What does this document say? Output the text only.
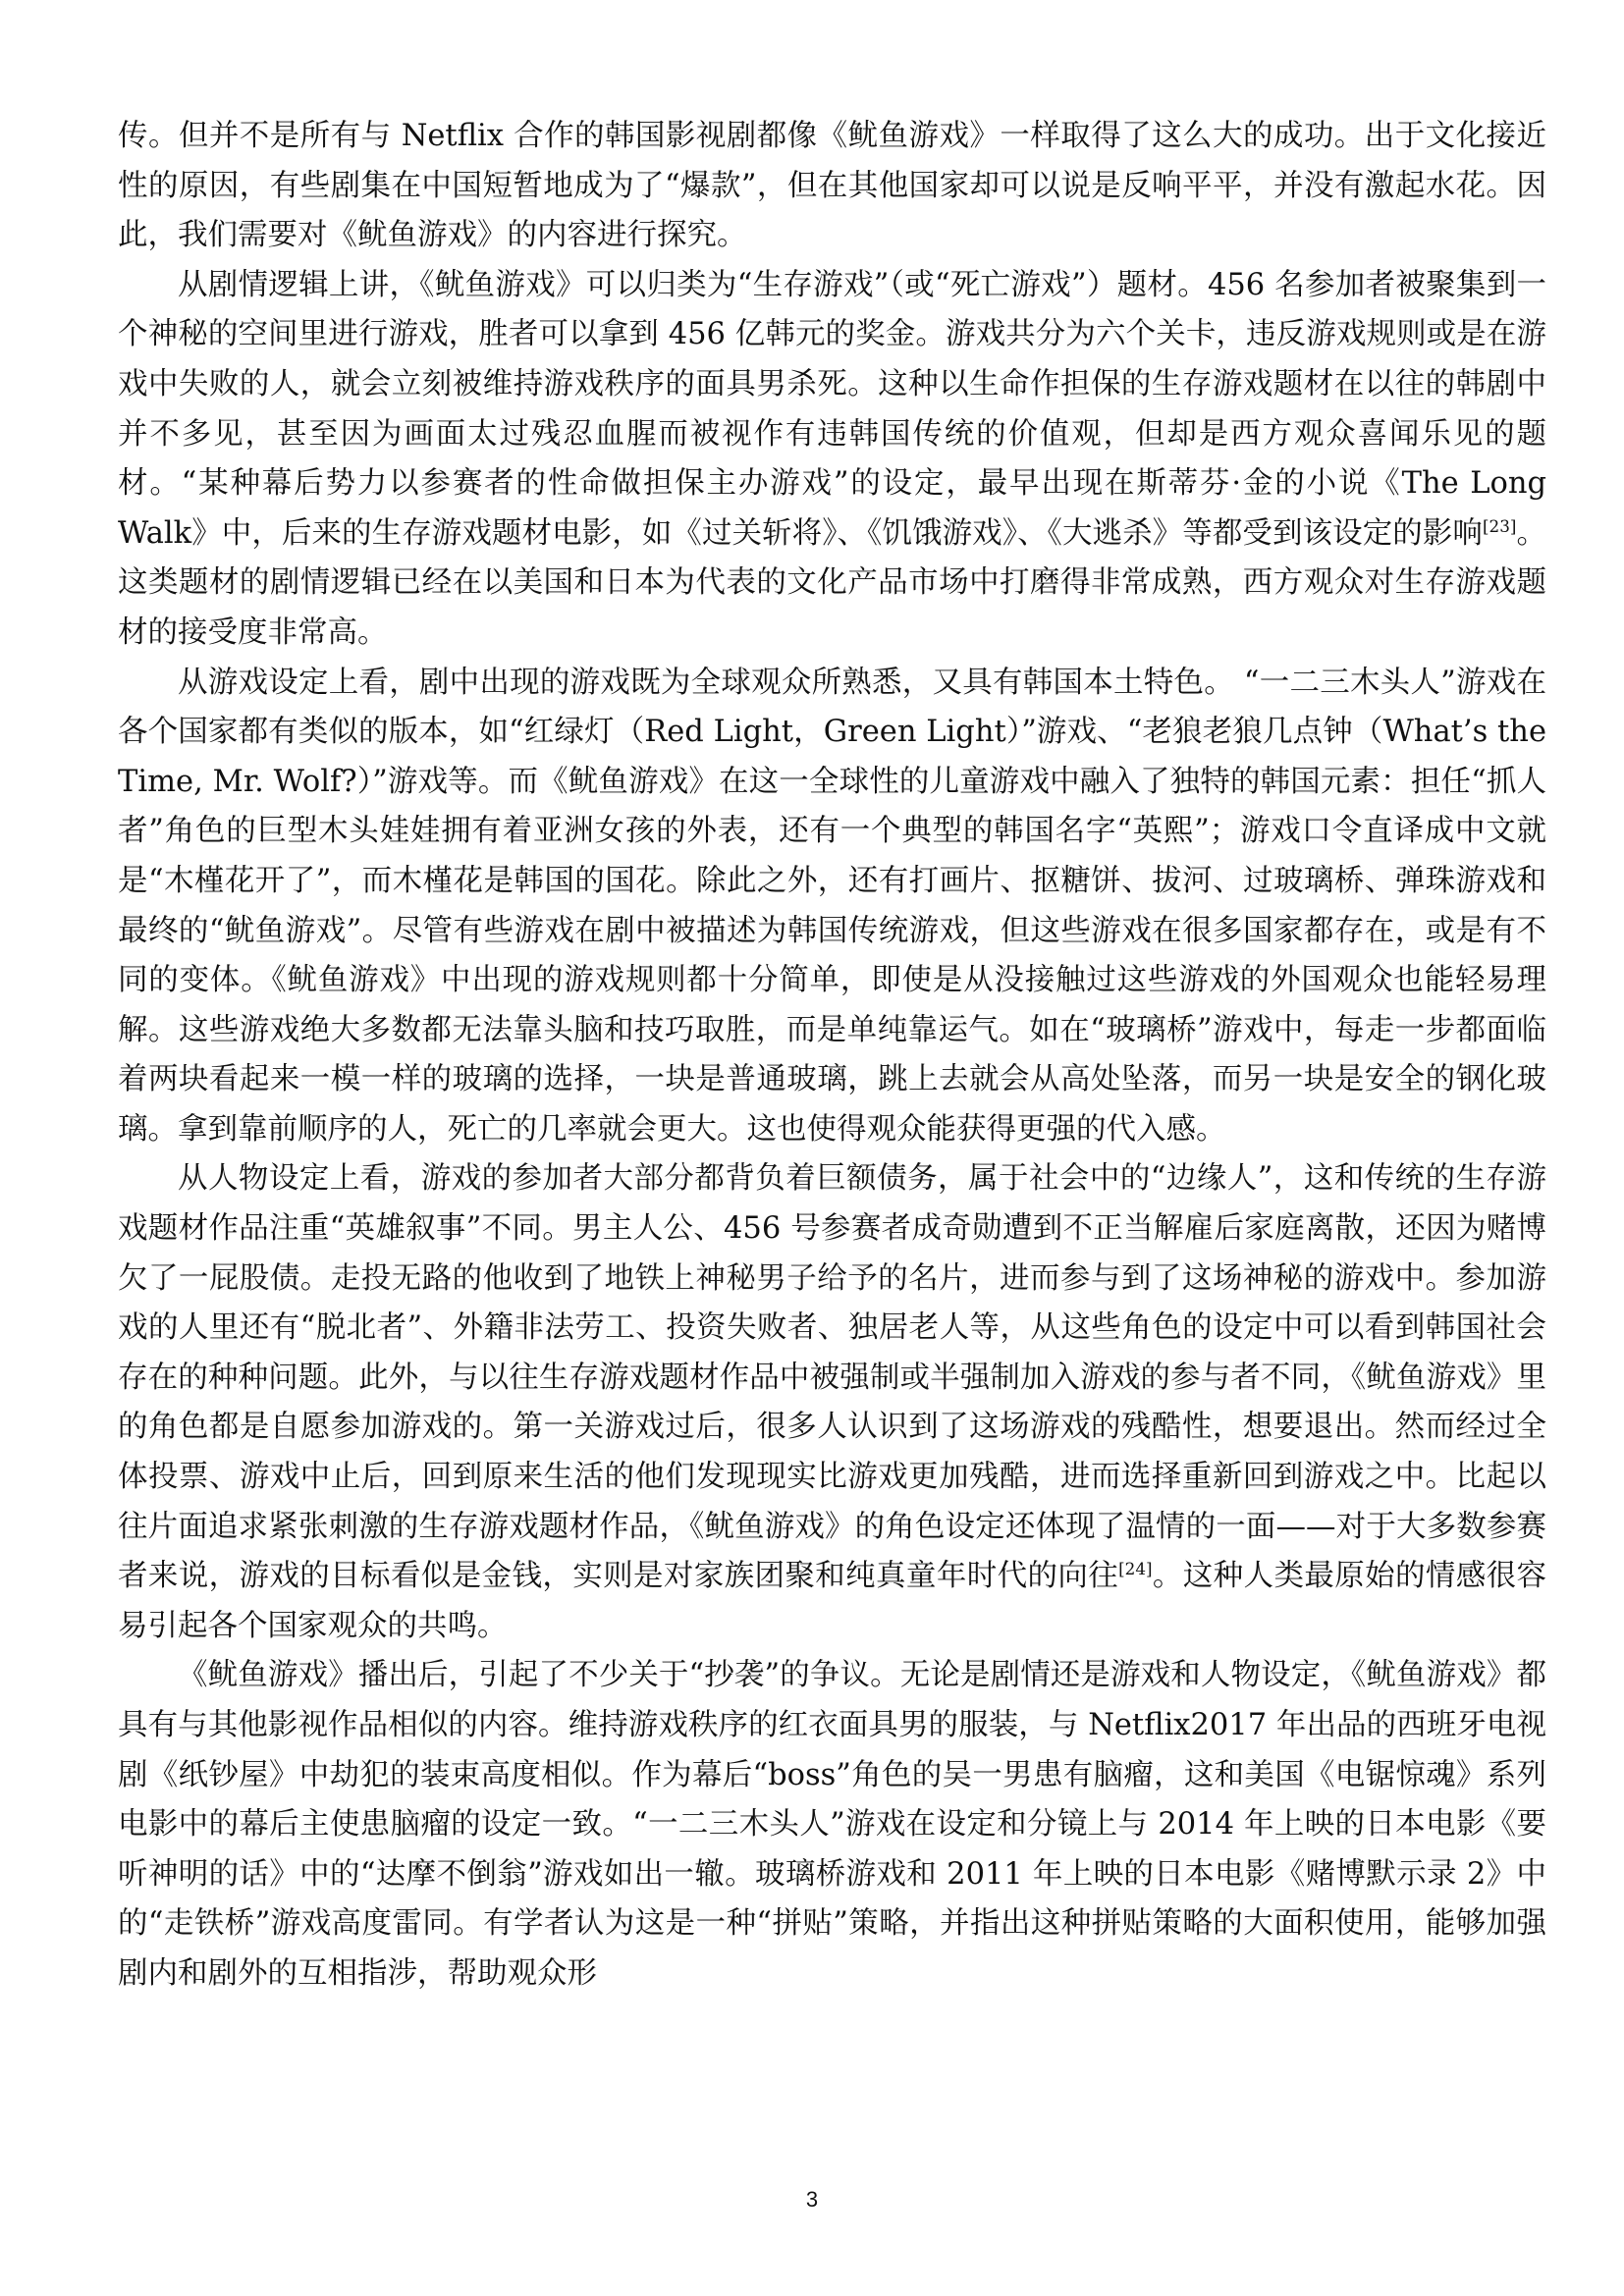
传。但并不是所有与 Netflix 合作的韩国影视剧都像《鱿鱼游戏》一样取得了这么大的成功。出于文化接近性的原因，有些剧集在中国短暂地成为了“爆款”，但在其他国家却可以说是反响平平，并没有激起水花。因此，我们需要对《鱿鱼游戏》的内容进行探究。

从剧情逻辑上讲，《鱿鱼游戏》可以归类为“生存游戏”（或“死亡游戏”）题材。456 名参加者被聚集到一个神秘的空间里进行游戏，胜者可以拿到 456 亿韩元的奖金。游戏共分为六个关卡，违反游戏规则或是在游戏中失败的人，就会立刻被维持游戏秩序的面具男杀死。这种以生命作担保的生存游戏题材在以往的韩剧中并不多见，甚至因为画面太过残忍血腥而被视作有违韩国传统的价值观，但却是西方观众喜闻乐见的题材。“某种幕后势力以参赛者的性命做担保主办游戏”的设定，最早出现在斯蒂芬·金的小说《The Long Walk》中，后来的生存游戏题材电影，如《过关斩将》、《饥饿游戏》、《大逃杀》等都受到该设定的影响[23]。这类题材的剧情逻辑已经在以美国和日本为代表的文化产品市场中打磨得非常成熟，西方观众对生存游戏题材的接受度非常高。

从游戏设定上看，剧中出现的游戏既为全球观众所熟悉，又具有韩国本土特色。 “一二三木头人”游戏在各个国家都有类似的版本，如“红绿灯（Red Light，Green Light）”游戏、“老狼老狼几点钟（What’s the Time, Mr. Wolf?）”游戏等。而《鱿鱼游戏》在这一全球性的儿童游戏中融入了独特的韩国元素：担任“抓人者”角色的巨型木头娃娃拥有着亚洲女孩的外表，还有一个典型的韩国名字“英熙”；游戏口令直译成中文就是“木槿花开了”，而木槿花是韩国的国花。除此之外，还有打画片、抠糖饼、拔河、过玻璃桥、弹珠游戏和最终的“鱿鱼游戏”。尽管有些游戏在剧中被描述为韩国传统游戏，但这些游戏在很多国家都存在，或是有不同的变体。《鱿鱼游戏》中出现的游戏规则都十分简单，即使是从没接触过这些游戏的外国观众也能轻易理解。这些游戏绝大多数都无法靠头脑和技巧取胜，而是单纯靠运气。如在“玻璃桥”游戏中，每走一步都面临着两块看起来一模一样的玻璃的选择，一块是普通玻璃，跳上去就会从高处坠落，而另一块是安全的钢化玻璃。拿到靠前顺序的人，死亡的几率就会更大。这也使得观众能获得更强的代入感。

从人物设定上看，游戏的参加者大部分都背负着巨额债务，属于社会中的“边缘人”，这和传统的生存游戏题材作品注重“英雄叙事”不同。男主人公、456 号参赛者成奇勋遭到不正当解雇后家庭离散，还因为赌博欠了一屁股债。走投无路的他收到了地铁上神秘男子给予的名片，进而参与到了这场神秘的游戏中。参加游戏的人里还有“脱北者”、外籍非法劳工、投资失败者、独居老人等，从这些角色的设定中可以看到韩国社会存在的种种问题。此外，与以往生存游戏题材作品中被强制或半强制加入游戏的参与者不同，《鱿鱼游戏》里的角色都是自愿参加游戏的。第一关游戏过后，很多人认识到了这场游戏的残酷性，想要退出。然而经过全体投票、游戏中止后，回到原来生活的他们发现现实比游戏更加残酷，进而选择重新回到游戏之中。比起以往片面追求紧张刺激的生存游戏题材作品，《鱿鱼游戏》的角色设定还体现了温情的一面——对于大多数参赛者来说，游戏的目标看似是金钱，实则是对家族团聚和纯真童年时代的向往[24]。这种人类最原始的情感很容易引起各个国家观众的共鸣。

《鱿鱼游戏》播出后，引起了不少关于“抄袭”的争议。无论是剧情还是游戏和人物设定，《鱿鱼游戏》都具有与其他影视作品相似的内容。维持游戏秩序的红衣面具男的服装，与 Netflix2017 年出品的西班牙电视剧《纸钞屋》中劫犯的装束高度相似。作为幕后“boss”角色的吴一男患有脑瘤，这和美国《电锯惊魂》系列电影中的幕后主使患脑瘤的设定一致。“一二三木头人”游戏在设定和分镜上与 2014 年上映的日本电影《要听神明的话》中的“达摩不倒翁”游戏如出一辙。玻璃桥游戏和 2011 年上映的日本电影《赌博默示录 2》中的“走铁桥”游戏高度雷同。有学者认为这是一种“拼贴”策略，并指出这种拼贴策略的大面积使用，能够加强剧内和剧外的互相指涉，帮助观众形

3
